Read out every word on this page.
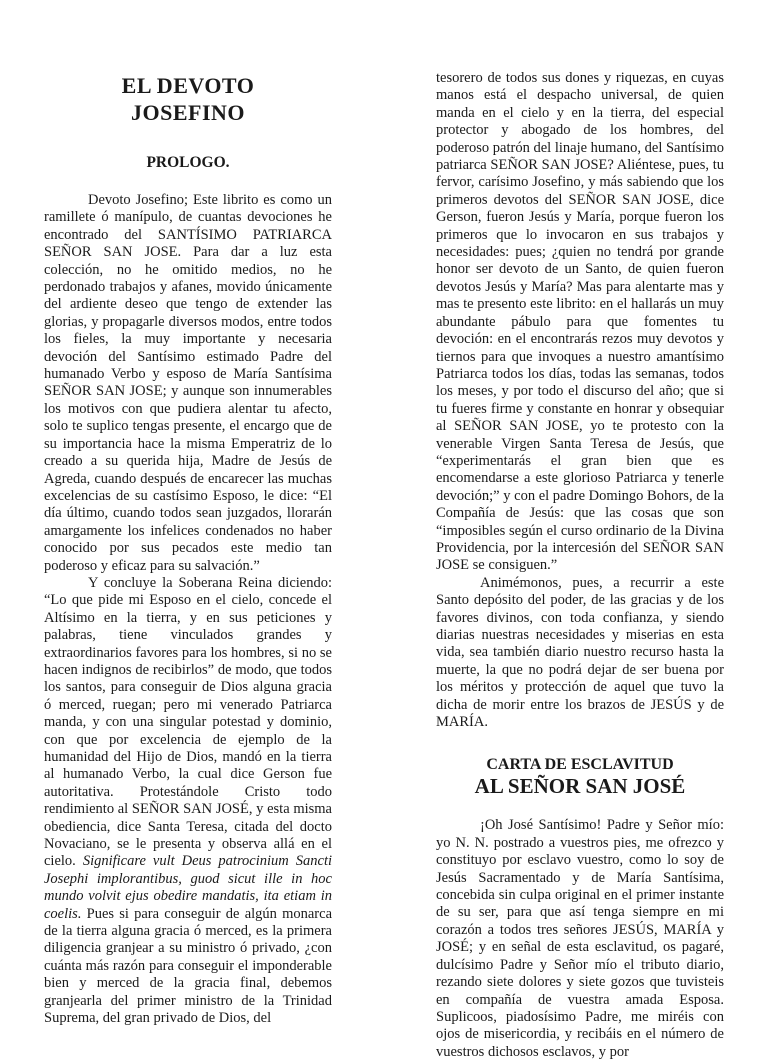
EL DEVOTO
JOSEFINO
PROLOGO.

Devoto Josefino; Este librito es como un ramillete ó manípulo, de cuantas devociones he encontrado del SANTÍSIMO PATRIARCA SEÑOR SAN JOSE. Para dar a luz esta colección, no he omitido medios, no he perdonado trabajos y afanes, movido únicamente del ardiente deseo que tengo de extender las glorias, y propagarle diversos modos, entre todos los fieles, la muy importante y necesaria devoción del Santísimo estimado Padre del humanado Verbo y esposo de María Santísima SEÑOR SAN JOSE; y aunque son innumerables los motivos con que pudiera alentar tu afecto, solo te suplico tengas presente, el encargo que de su importancia hace la misma Emperatriz de lo creado a su querida hija, Madre de Jesús de Agreda, cuando después de encarecer las muchas excelencias de su castísimo Esposo, le dice: “El día último, cuando todos sean juzgados, llorarán amargamente los infelices condenados no haber conocido por sus pecados este medio tan poderoso y eficaz para su salvación.”

Y concluye la Soberana Reina diciendo: “Lo que pide mi Esposo en el cielo, concede el Altísimo en la tierra, y en sus peticiones y palabras, tiene vinculados grandes y extraordinarios favores para los hombres, si no se hacen indignos de recibirlos” de modo, que todos los santos, para conseguir de Dios alguna gracia ó merced, ruegan; pero mi venerado Patriarca manda, y con una singular potestad y dominio, con que por excelencia de ejemplo de la humanidad del Hijo de Dios, mandó en la tierra al humanado Verbo, la cual dice Gerson fue autoritativa. Protestándole Cristo todo rendimiento al SEÑOR SAN JOSÉ, y esta misma obediencia, dice Santa Teresa, citada del docto Novaciano, se le presenta y observa allá en el cielo. Significare vult Deus patrocinium Sancti Josephi implorantibus, guod sicut ille in hoc mundo volvit ejus obedire mandatis, ita etiam in coelis. Pues si para conseguir de algún monarca de la tierra alguna gracia ó merced, es la primera diligencia granjear a su ministro ó privado, ¿con cuánta más razón para conseguir el imponderable bien y merced de la gracia final, debemos granjearla del primer ministro de la Trinidad Suprema, del gran privado de Dios, del

tesorero de todos sus dones y riquezas, en cuyas manos está el despacho universal, de quien manda en el cielo y en la tierra, del especial protector y abogado de los hombres, del poderoso patrón del linaje humano, del Santísimo patriarca SEÑOR SAN JOSE? Aliéntese, pues, tu fervor, carísimo Josefino, y más sabiendo que los primeros devotos del SEÑOR SAN JOSE, dice Gerson, fueron Jesús y María, porque fueron los primeros que lo invocaron en sus trabajos y necesidades: pues; ¿quien no tendrá por grande honor ser devoto de un Santo, de quien fueron devotos Jesús y María? Mas para alentarte mas y mas te presento este librito: en el hallarás un muy abundante pábulo para que fomentes tu devoción: en el encontrarás rezos muy devotos y tiernos para que invoques a nuestro amantísimo Patriarca todos los días, todas las semanas, todos los meses, y por todo el discurso del año; que si tu fueres firme y constante en honrar y obsequiar al SEÑOR SAN JOSE, yo te protesto con la venerable Virgen Santa Teresa de Jesús, que “experimentarás el gran bien que es encomendarse a este glorioso Patriarca y tenerle devoción;” y con el padre Domingo Bohors, de la Compañía de Jesús: que las cosas que son “imposibles según el curso ordinario de la Divina Providencia, por la intercesión del SEÑOR SAN JOSE se consiguen.”

Animémonos, pues, a recurrir a este Santo depósito del poder, de las gracias y de los favores divinos, con toda confianza, y siendo diarias nuestras necesidades y miserias en esta vida, sea también diario nuestro recurso hasta la muerte, la que no podrá dejar de ser buena por los méritos y protección de aquel que tuvo la dicha de morir entre los brazos de JESÚS y de MARÍA.

CARTA DE ESCLAVITUD
AL SEÑOR SAN JOSÉ

¡Oh José Santísimo! Padre y Señor mío: yo N. N. postrado a vuestros pies, me ofrezco y constituyo por esclavo vuestro, como lo soy de Jesús Sacramentado y de María Santísima, concebida sin culpa original en el primer instante de su ser, para que así tenga siempre en mi corazón a todos tres señores JESÚS, MARÍA y JOSÉ; y en señal de esta esclavitud, os pagaré, dulcísimo Padre y Señor mío el tributo diario, rezando siete dolores y siete gozos que tuvisteis en compañía de vuestra amada Esposa. Suplicoos, piadosísimo Padre, me miréis con ojos de misericordia, y recibáis en el número de vuestros dichosos esclavos, y por
